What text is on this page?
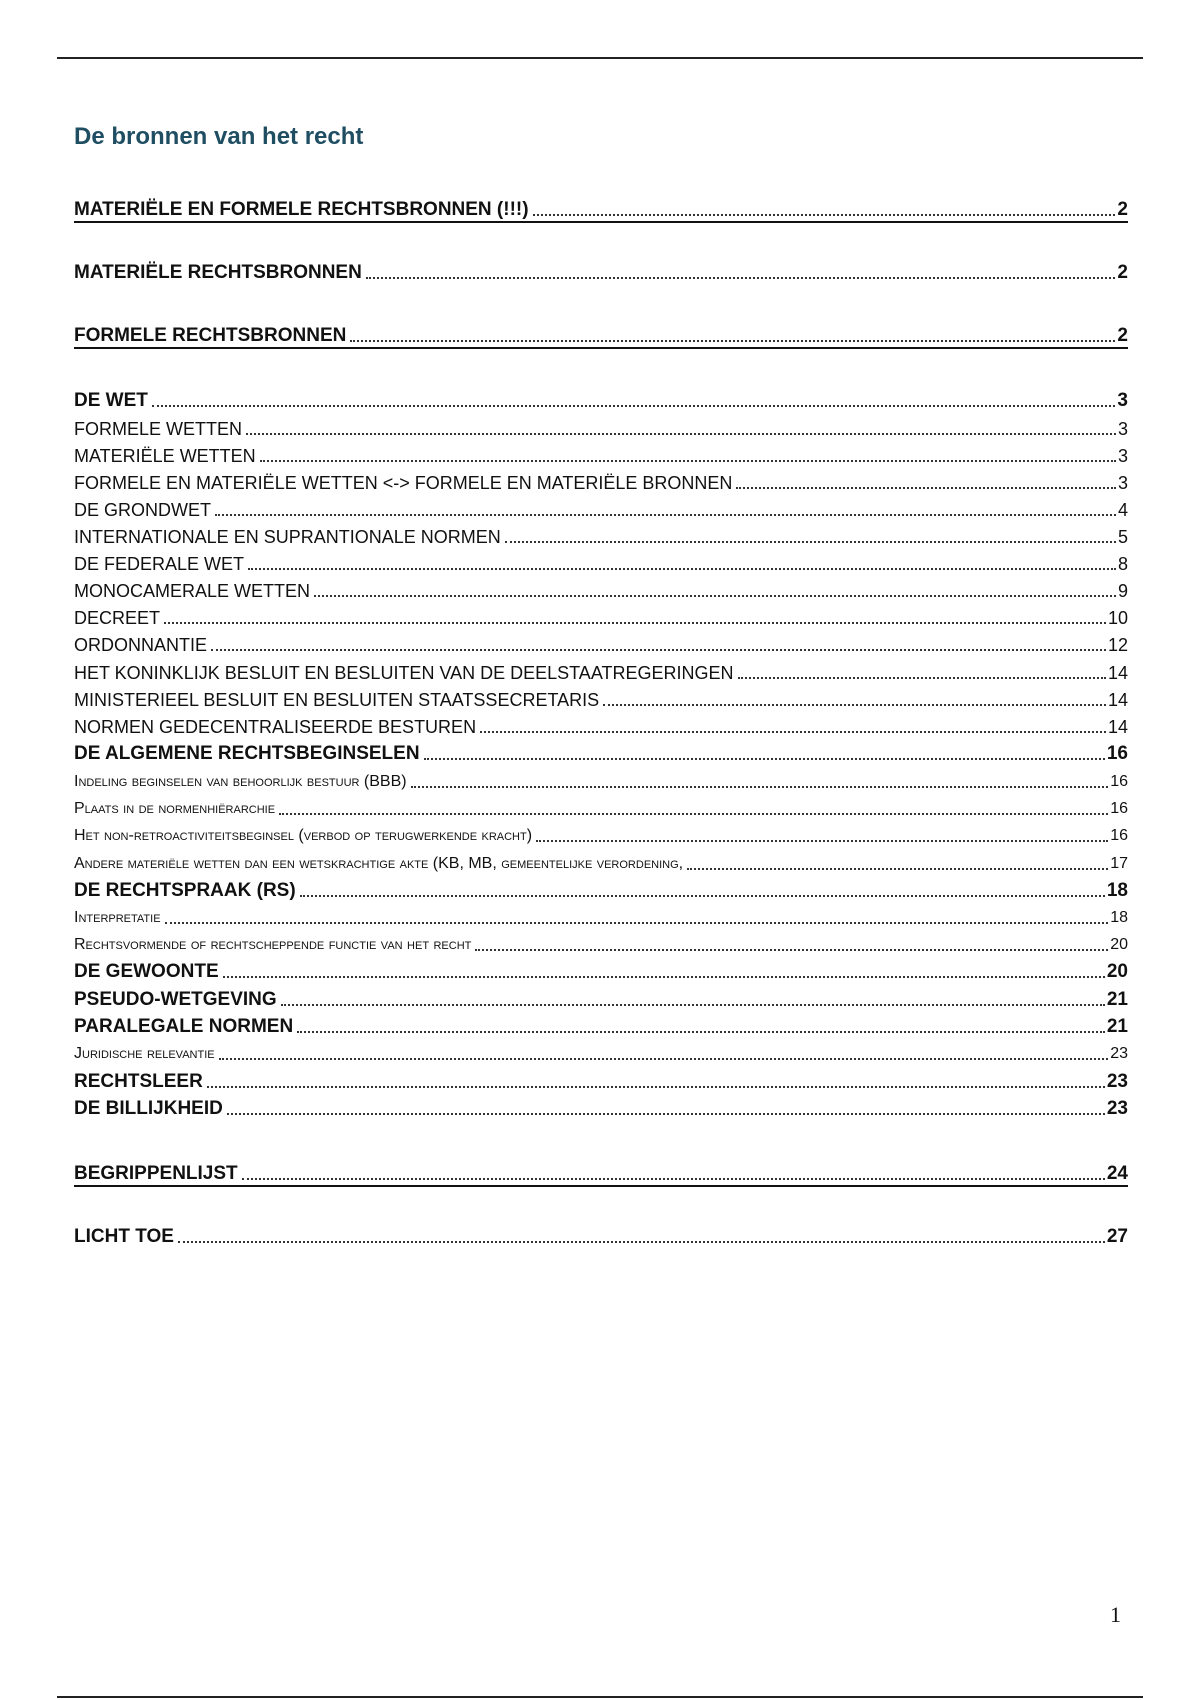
De bronnen van het recht
MATERIËLE EN FORMELE RECHTSBRONNEN (!!!)	2
MATERIËLE RECHTSBRONNEN	2
FORMELE RECHTSBRONNEN	2
DE WET	3
FORMELE WETTEN	3
MATERIËLE WETTEN	3
FORMELE EN MATERIËLE WETTEN <-> FORMELE EN MATERIËLE BRONNEN	3
DE GRONDWET	4
INTERNATIONALE EN SUPRANTIONALE NORMEN	5
DE FEDERALE WET	8
MONOCAMERALE WETTEN	9
DECREET	10
ORDONNANTIE	12
HET KONINKLIJK BESLUIT EN BESLUITEN VAN DE DEELSTAATREGERINGEN	14
MINISTERIEEL BESLUIT EN BESLUITEN STAATSSECRETARIS	14
NORMEN GEDECENTRALISEERDE BESTUREN	14
DE ALGEMENE RECHTSBEGINSELEN	16
Indeling beginselen van behoorlijk bestuur (BBB)	16
Plaats in de normenhiërarchie	16
Het non-retroactiviteitsbeginsel (verbod op terugwerkende kracht)	16
Andere materiële wetten dan een wetskrachtige akte (KB, MB, gemeentelijke verordening,	17
DE RECHTSPRAAK (RS)	18
Interpretatie	18
Rechtsvormende of rechtscheppende functie van het recht	20
DE GEWOONTE	20
PSEUDO-WETGEVING	21
PARALEGALE NORMEN	21
Juridische relevantie	23
RECHTSLEER	23
DE BILLIJKHEID	23
BEGRIPPENLIJST	24
LICHT TOE	27
1
